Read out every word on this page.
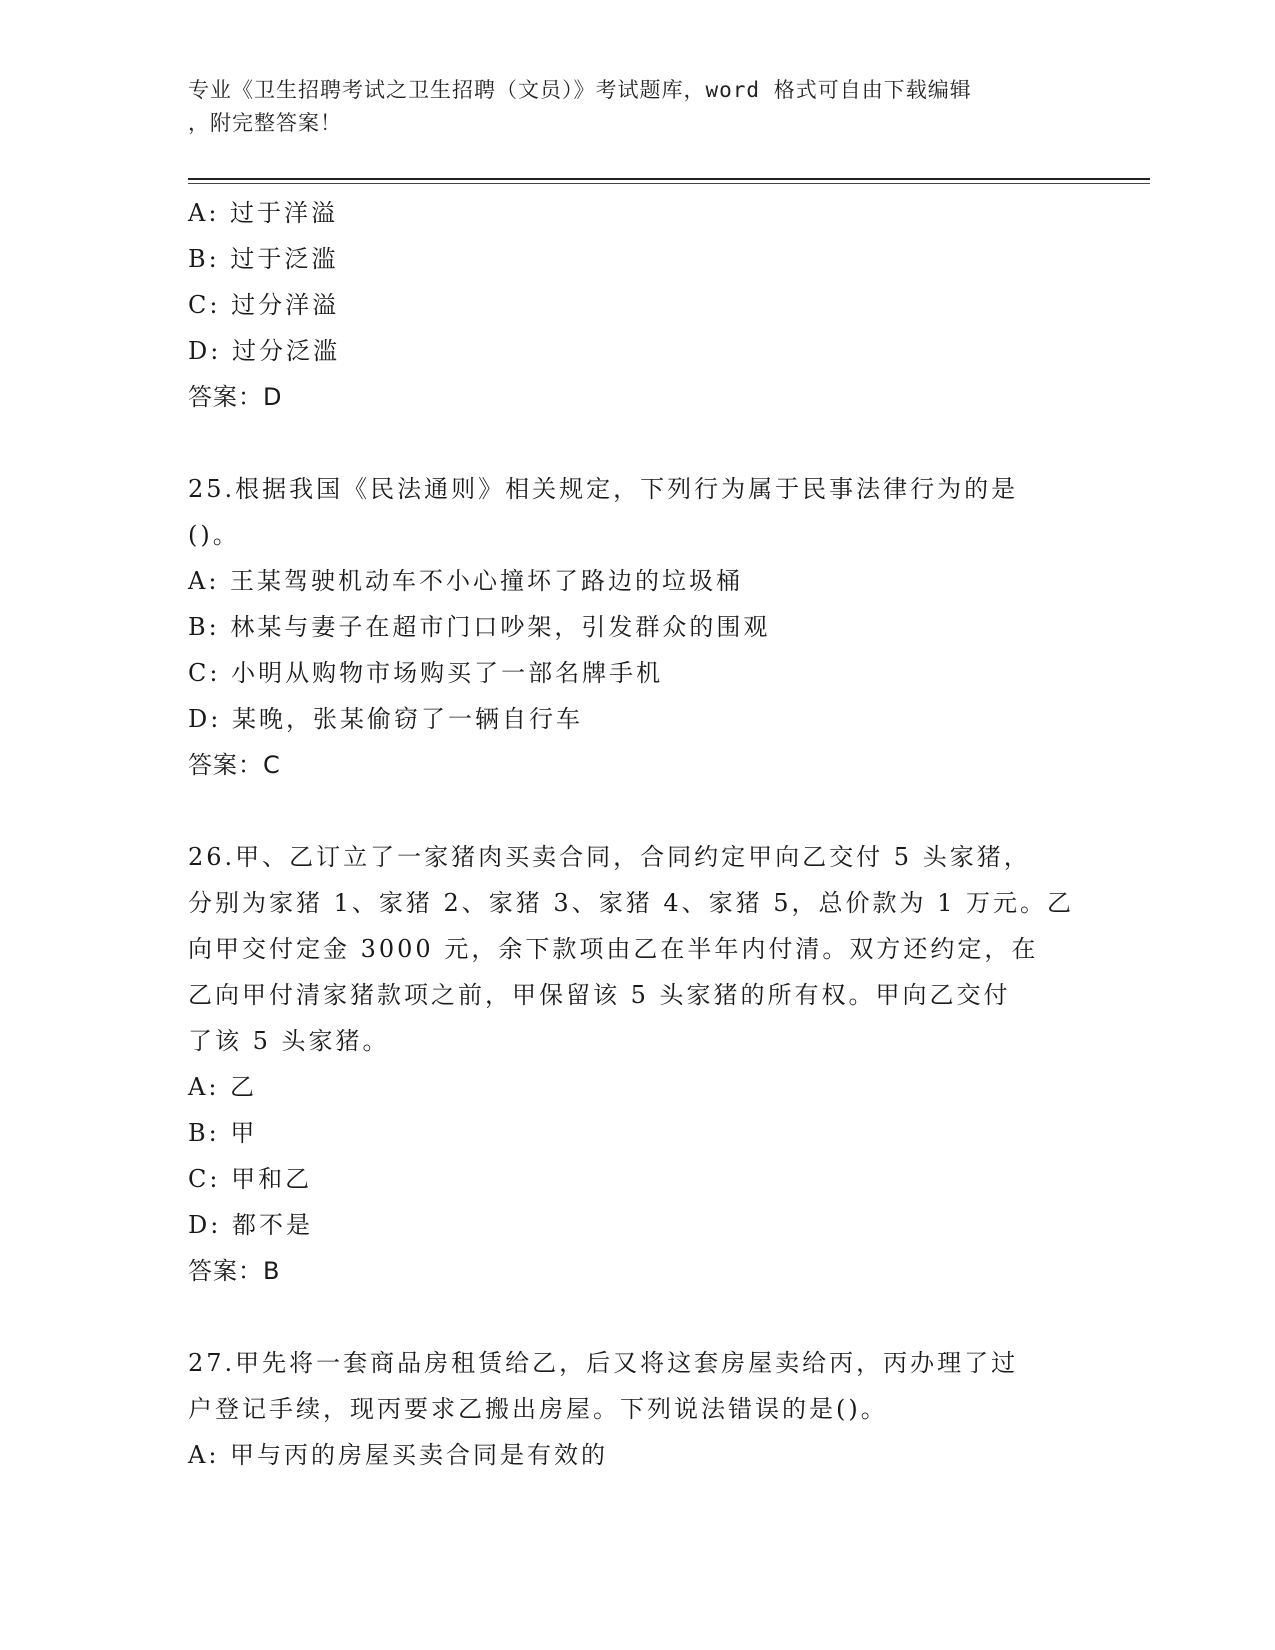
专业《卫生招聘考试之卫生招聘（文员）》考试题库，word 格式可自由下载编辑
，附完整答案！
A: 过于洋溢
B: 过于泛滥
C: 过分洋溢
D: 过分泛滥
答案：D
25.根据我国《民法通则》相关规定，下列行为属于民事法律行为的是
()。
A: 王某驾驶机动车不小心撞坏了路边的垃圾桶
B: 林某与妻子在超市门口吵架，引发群众的围观
C: 小明从购物市场购买了一部名牌手机
D: 某晚，张某偷窃了一辆自行车
答案：C
26.甲、乙订立了一家猪肉买卖合同，合同约定甲向乙交付 5 头家猪，
分别为家猪 1、家猪 2、家猪 3、家猪 4、家猪 5，总价款为 1 万元。乙
向甲交付定金 3000 元，余下款项由乙在半年内付清。双方还约定，在
乙向甲付清家猪款项之前，甲保留该 5 头家猪的所有权。甲向乙交付
了该 5 头家猪。
A: 乙
B: 甲
C: 甲和乙
D: 都不是
答案：B
27.甲先将一套商品房租赁给乙，后又将这套房屋卖给丙，丙办理了过
户登记手续，现丙要求乙搬出房屋。下列说法错误的是()。
A: 甲与丙的房屋买卖合同是有效的
